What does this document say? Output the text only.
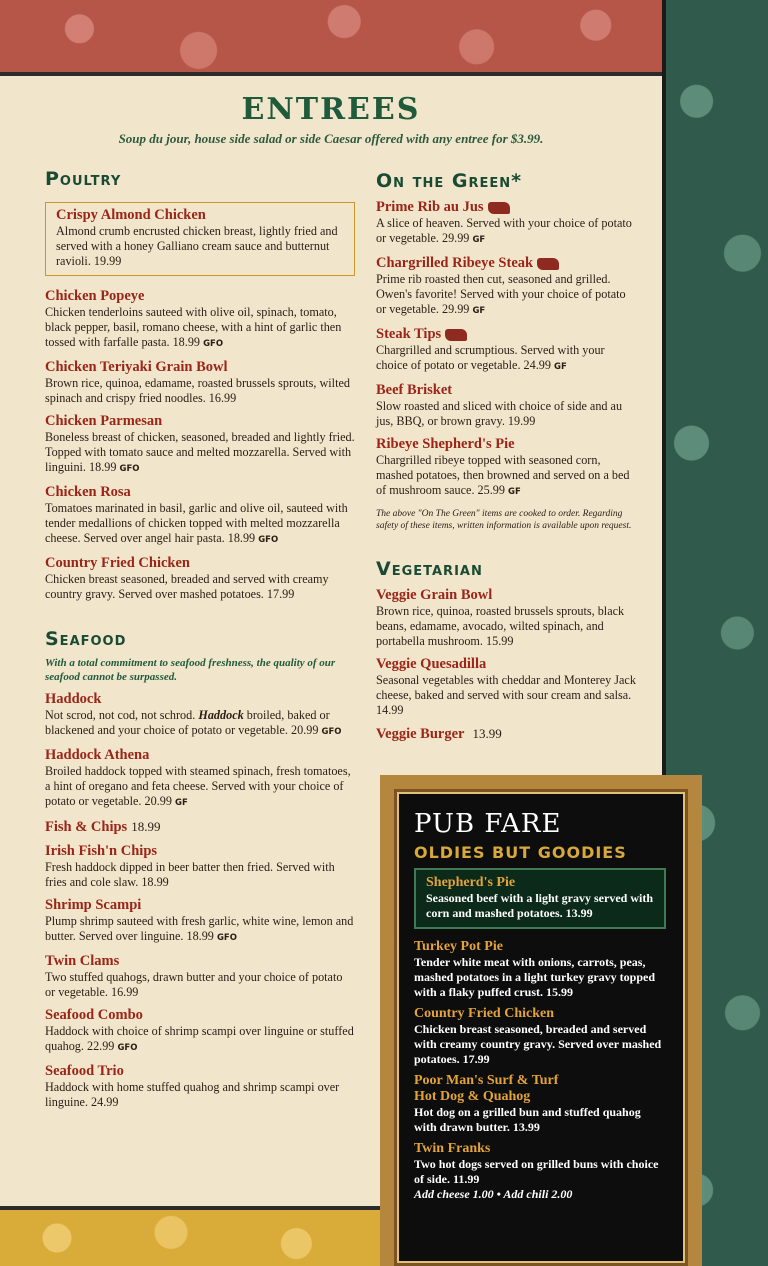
ENTREES

Soup du jour, house side salad or side Caesar offered with any entree for $3.99.

Poultry
Crispy Almond Chicken
Almond crumb encrusted chicken breast, lightly fried and served with a honey Galliano cream sauce and butternut ravioli. 19.99
Chicken Popeye
Chicken tenderloins sauteed with olive oil, spinach, tomato, black pepper, basil, romano cheese, with a hint of garlic then tossed with farfalle pasta. 18.99 GFO
Chicken Teriyaki Grain Bowl
Brown rice, quinoa, edamame, roasted brussels sprouts, wilted spinach and crispy fried noodles. 16.99
Chicken Parmesan
Boneless breast of chicken, seasoned, breaded and lightly fried. Topped with tomato sauce and melted mozzarella. Served with linguini. 18.99 GFO
Chicken Rosa
Tomatoes marinated in basil, garlic and olive oil, sauteed with tender medallions of chicken topped with melted mozzarella cheese. Served over angel hair pasta. 18.99 GFO
Country Fried Chicken
Chicken breast seasoned, breaded and served with creamy country gravy. Served over mashed potatoes. 17.99
Seafood
With a total commitment to seafood freshness, the quality of our seafood cannot be surpassed.
Haddock
Not scrod, not cod, not schrod. Haddock broiled, baked or blackened and your choice of potato or vegetable. 20.99 GFO
Haddock Athena
Broiled haddock topped with steamed spinach, fresh tomatoes, a hint of oregano and feta cheese. Served with your choice of potato or vegetable. 20.99 GF
Fish & Chips 18.99
Irish Fish'n Chips
Fresh haddock dipped in beer batter then fried. Served with fries and cole slaw. 18.99
Shrimp Scampi
Plump shrimp sauteed with fresh garlic, white wine, lemon and butter. Served over linguine. 18.99 GFO
Twin Clams
Two stuffed quahogs, drawn butter and your choice of potato or vegetable. 16.99
Seafood Combo
Haddock with choice of shrimp scampi over linguine or stuffed quahog. 22.99 GFO
Seafood Trio
Haddock with home stuffed quahog and shrimp scampi over linguine. 24.99
On the Green*
Prime Rib au Jus
A slice of heaven. Served with your choice of potato or vegetable. 29.99 GF
Chargrilled Ribeye Steak
Prime rib roasted then cut, seasoned and grilled. Owen's favorite! Served with your choice of potato or vegetable. 29.99 GF
Steak Tips
Chargrilled and scrumptious. Served with your choice of potato or vegetable. 24.99 GF
Beef Brisket
Slow roasted and sliced with choice of side and au jus, BBQ, or brown gravy. 19.99
Ribeye Shepherd's Pie
Chargrilled ribeye topped with seasoned corn, mashed potatoes, then browned and served on a bed of mushroom sauce. 25.99 GF
The above "On The Green" items are cooked to order. Regarding safety of these items, written information is available upon request.
Vegetarian
Veggie Grain Bowl
Brown rice, quinoa, roasted brussels sprouts, black beans, edamame, avocado, wilted spinach, and portabella mushroom. 15.99
Veggie Quesadilla
Seasonal vegetables with cheddar and Monterey Jack cheese, baked and served with sour cream and salsa. 14.99
Veggie Burger 13.99
PUB FARE
OLDIES BUT GOODIES
Shepherd's Pie
Seasoned beef with a light gravy served with corn and mashed potatoes. 13.99
Turkey Pot Pie
Tender white meat with onions, carrots, peas, mashed potatoes in a light turkey gravy topped with a flaky puffed crust. 15.99
Country Fried Chicken
Chicken breast seasoned, breaded and served with creamy country gravy. Served over mashed potatoes. 17.99
Poor Man's Surf & Turf
Hot Dog & Quahog
Hot dog on a grilled bun and stuffed quahog with drawn butter. 13.99
Twin Franks
Two hot dogs served on grilled buns with choice of side. 11.99
Add cheese 1.00 • Add chili 2.00
